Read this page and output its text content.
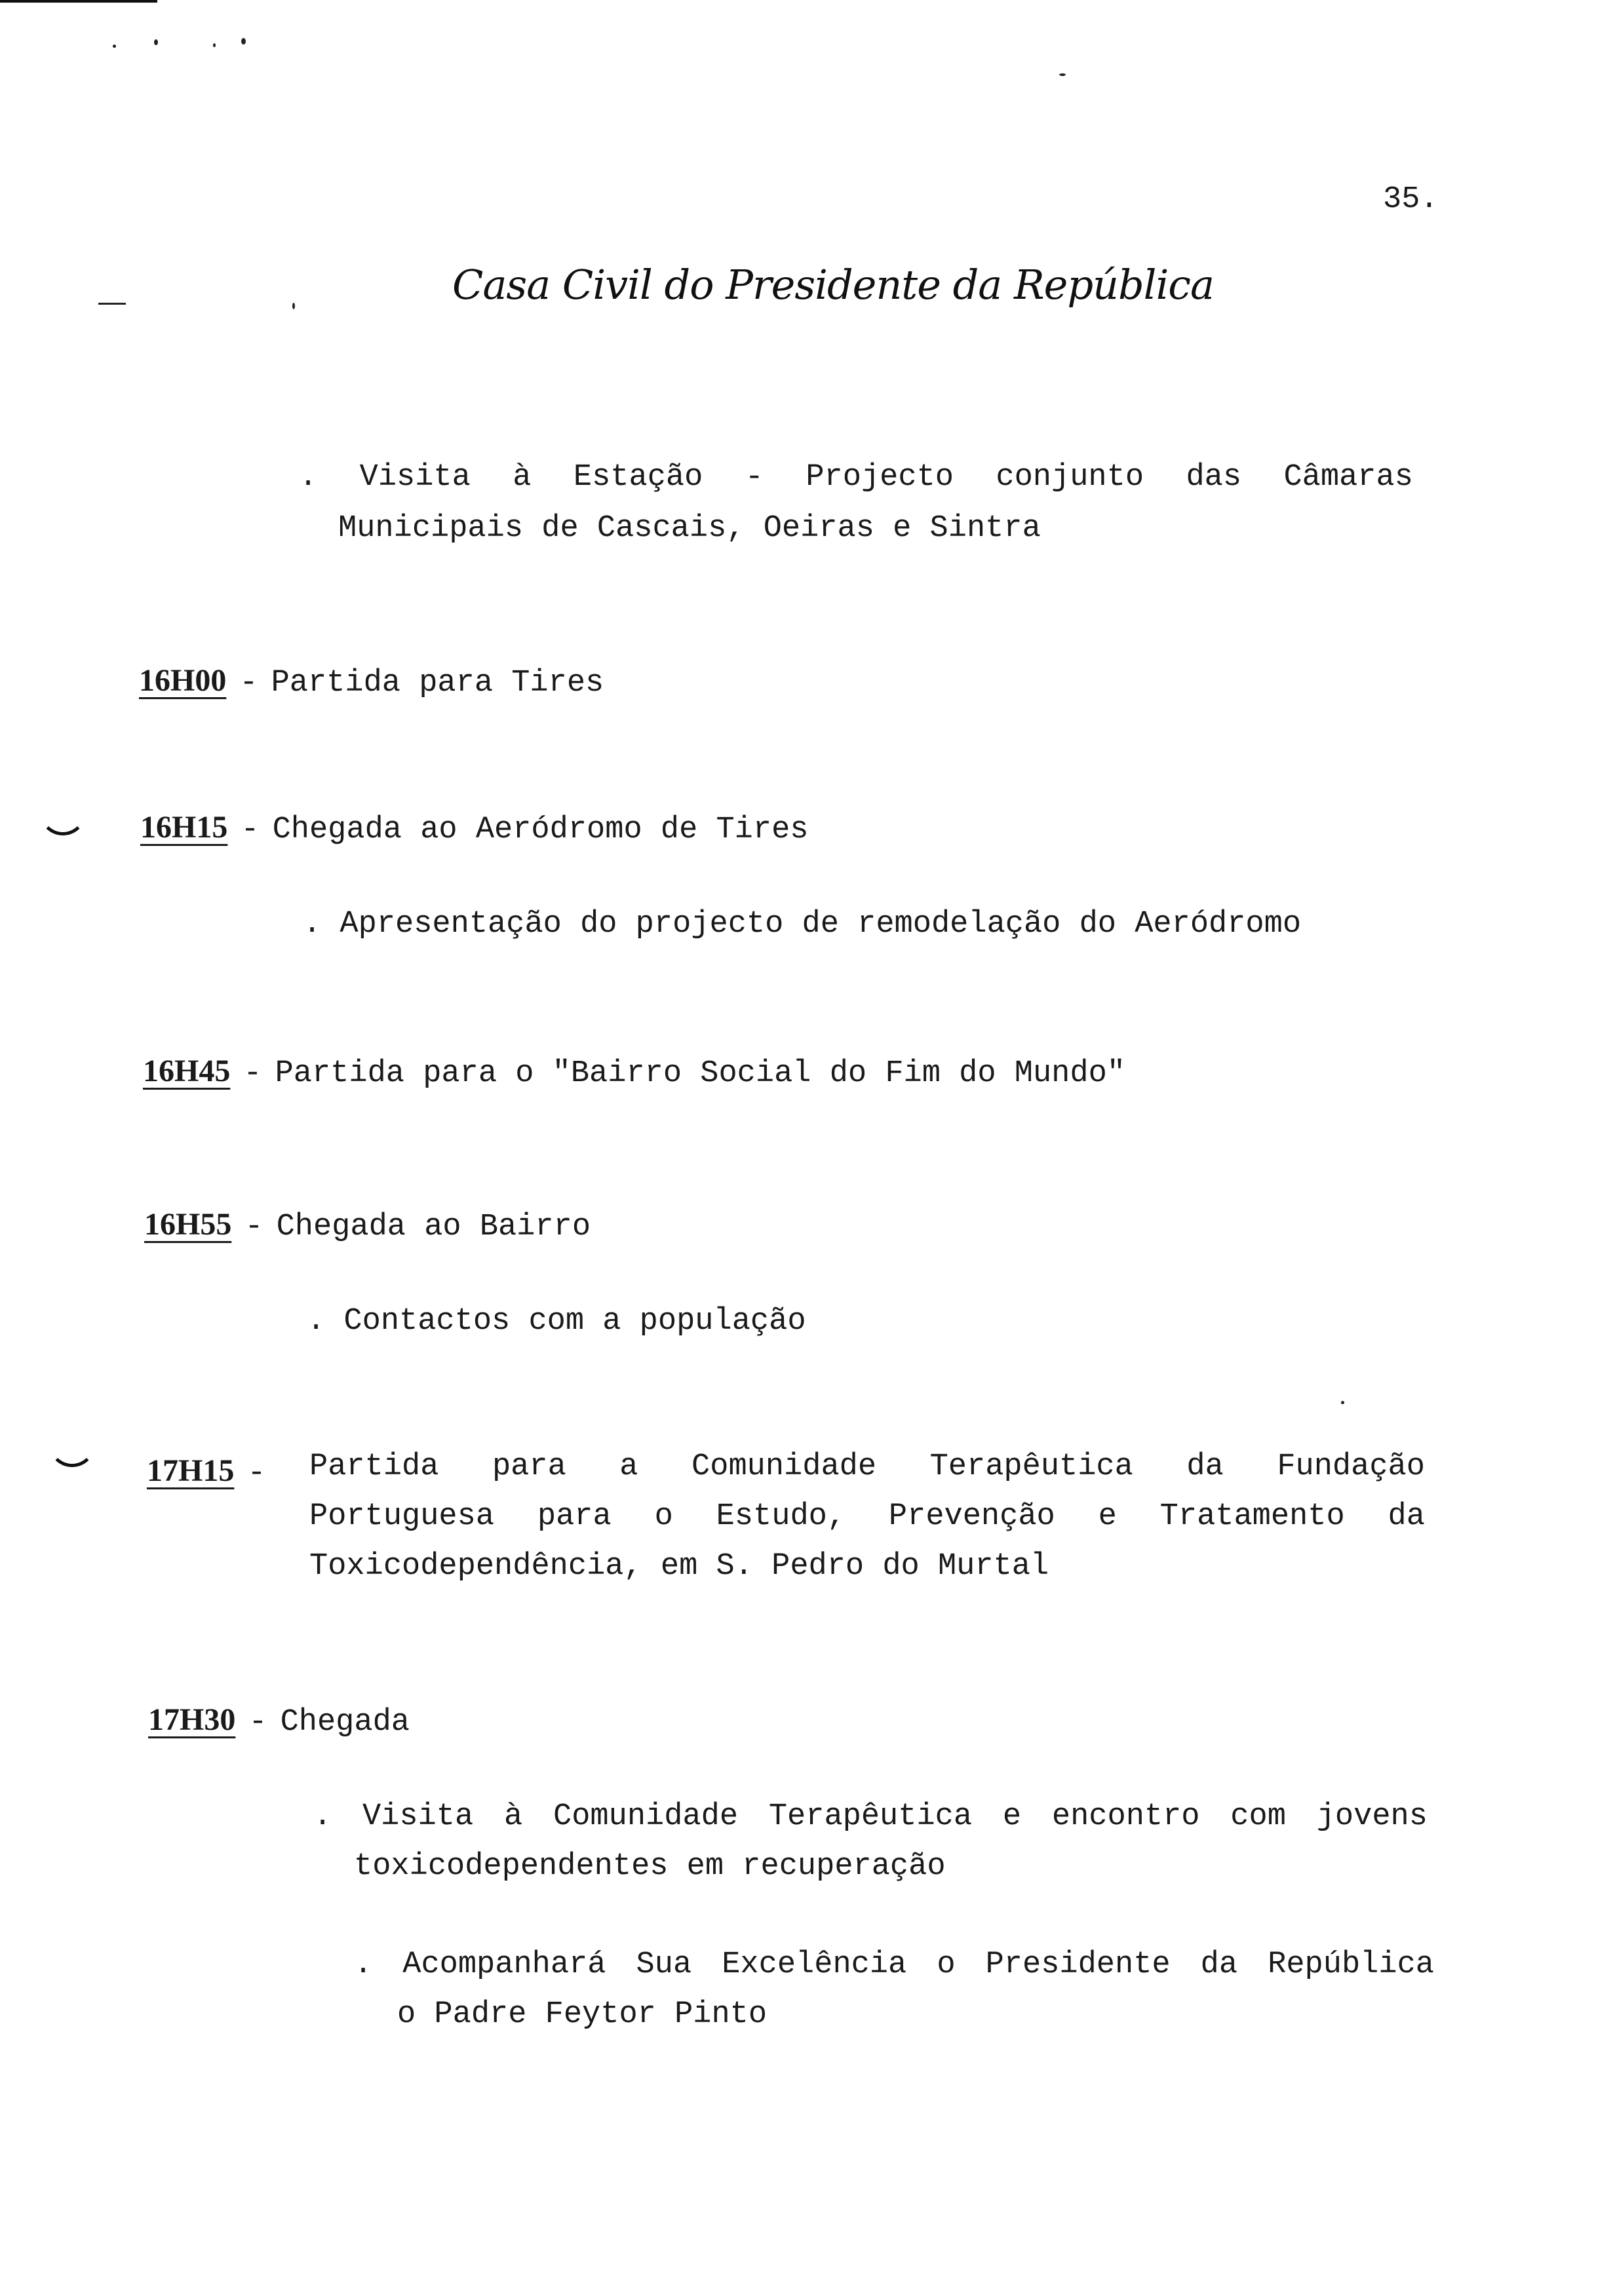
35.
Casa Civil do Presidente da República
. Visita à Estação - Projecto conjunto das Câmaras
Municipais de Cascais, Oeiras e Sintra
16H00 - Partida para Tires
16H15 - Chegada ao Aeródromo de Tires
. Apresentação do projecto de remodelação do Aeródromo
16H45 - Partida para o "Bairro Social do Fim do Mundo"
16H55 - Chegada ao Bairro
. Contactos com a população
17H15 -	Partida para a Comunidade Terapêutica da Fundação
Portuguesa para o Estudo, Prevenção e Tratamento da
Toxicodependência, em S. Pedro do Murtal
17H30 - Chegada
. Visita à Comunidade Terapêutica e encontro com jovens
toxicodependentes em recuperação
. Acompanhará Sua Excelência o Presidente da República
o Padre Feytor Pinto
